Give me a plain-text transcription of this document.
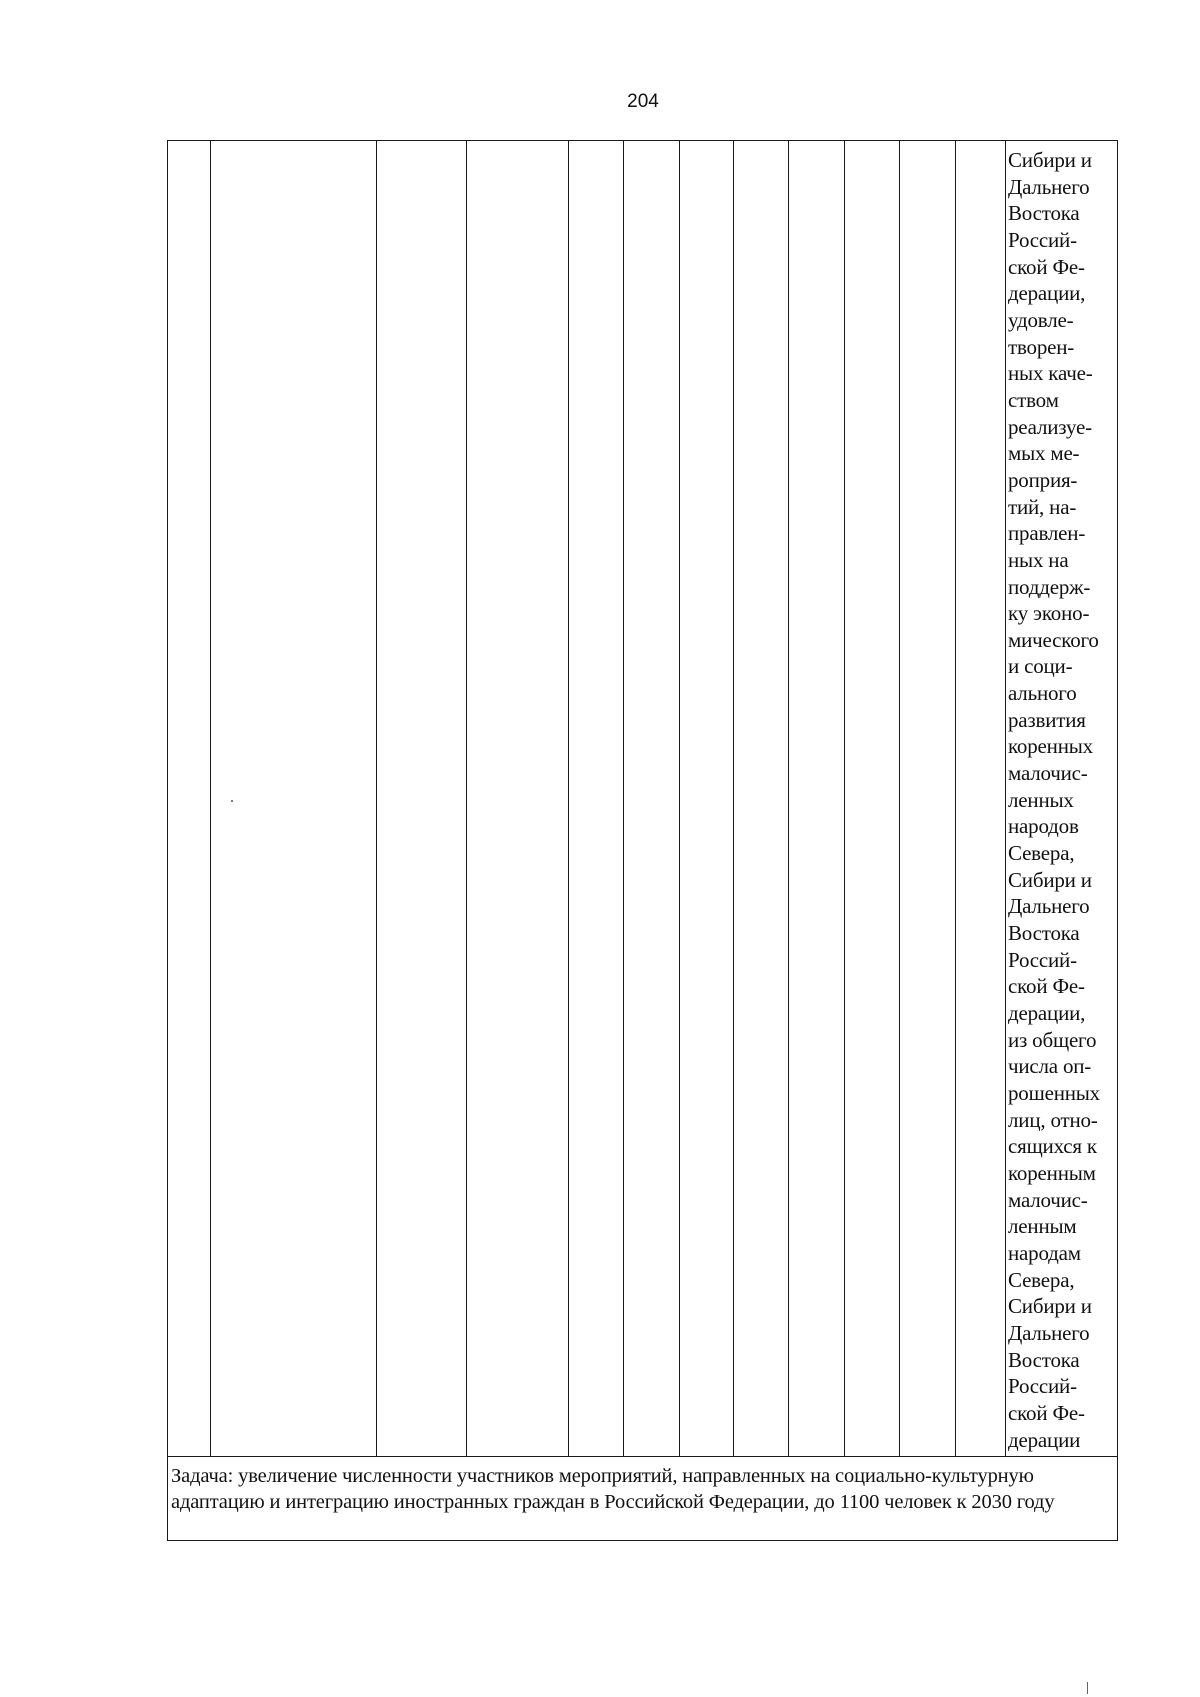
204
Сибири и
Дальнего
Востока
Россий-
ской Фе-
дерации,
удовле-
творен-
ных каче-
ством
реализуе-
мых ме-
роприя-
тий, на-
правлен-
ных на
поддерж-
ку эконо-
мического
и соци-
ального
развития
коренных
малочис-
ленных
народов
Севера,
Сибири и
Дальнего
Востока
Россий-
ской Фе-
дерации,
из общего
числа оп-
рошенных
лиц, отно-
сящихся к
коренным
малочис-
ленным
народам
Севера,
Сибири и
Дальнего
Востока
Россий-
ской Фе-
дерации
Задача: увеличение численности участников мероприятий, направленных на социально-культурную адаптацию и интеграцию иностранных граждан в Российской Федерации, до 1100 человек к 2030 году
